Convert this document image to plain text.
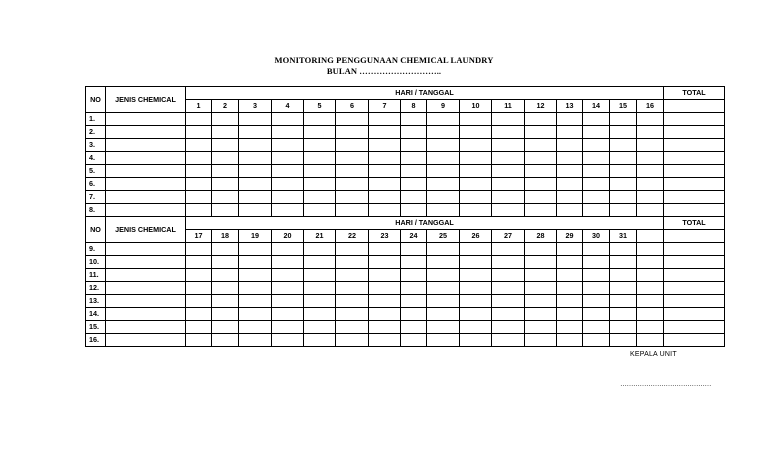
MONITORING PENGGUNAAN CHEMICAL LAUNDRY
BULAN ………………………..
NO	JENIS CHEMICAL	HARI / TANGGAL																TOTAL
		1	2	3	4	5	6	7	8	9	10	11	12	13	14	15	16	
1.																		
2.																		
3.																		
4.																		
5.																		
6.																		
7.																		
8.																		
NO	JENIS CHEMICAL	HARI / TANGGAL																TOTAL
		17	18	19	20	21	22	23	24	25	26	27	28	29	30	31		
9.																		
10.																		
11.																		
12.																		
13.																		
14.																		
15.																		
16.																		
KEPALA UNIT
……………………………………
